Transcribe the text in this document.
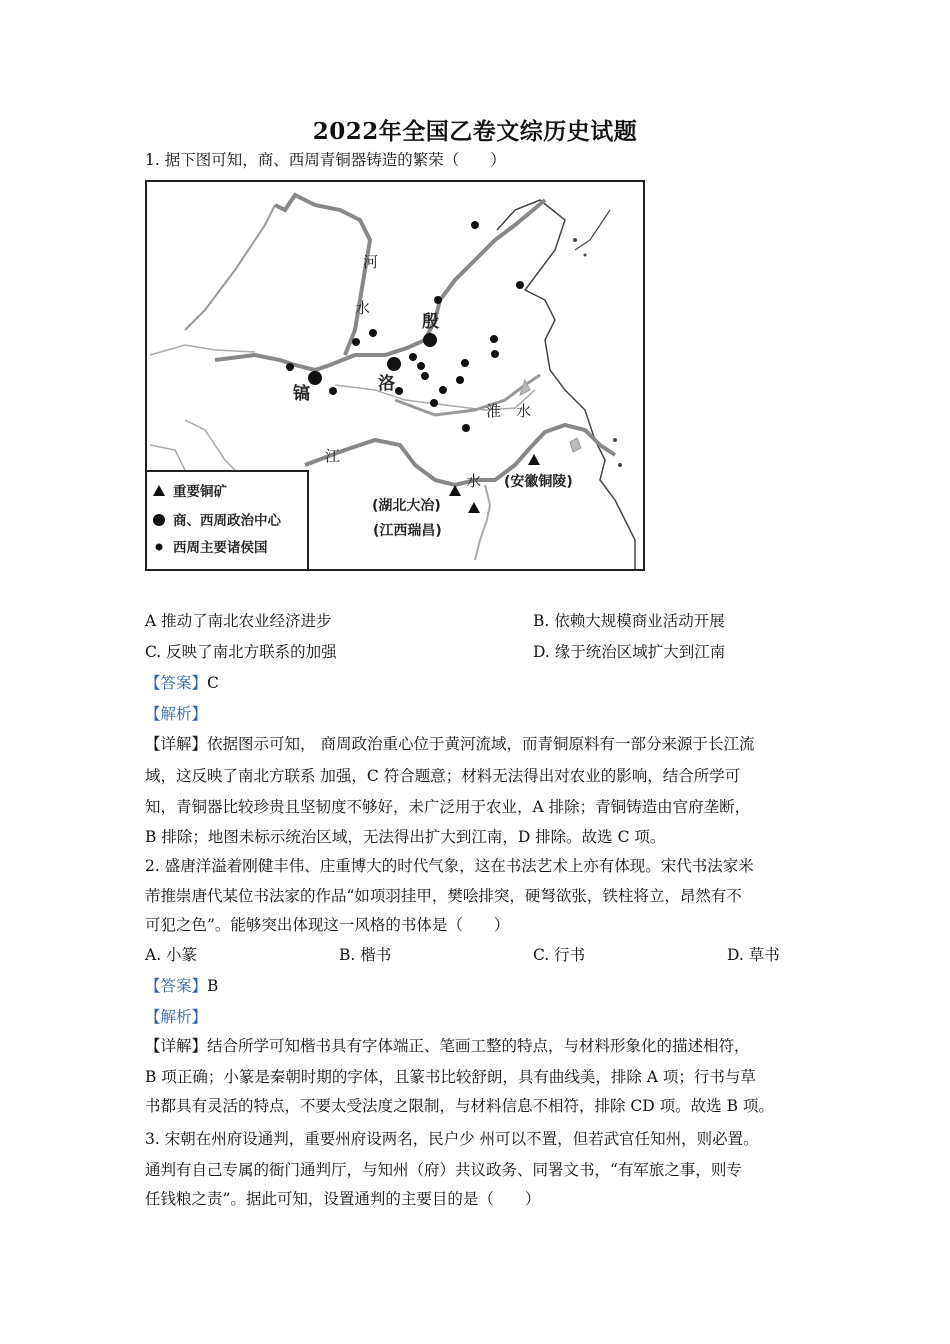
2022年全国乙卷文综历史试题
1. 据下图可知，商、西周青铜器铸造的繁荣（　　）
河
水
淮 水
江
水
殷
洛
镐
(安徽铜陵)
(湖北大冶)
(江西瑞昌)
重要铜矿
商、西周政治中心
西周主要诸侯国
A 推动了南北农业经济进步	B. 依赖大规模商业活动开展
C. 反映了南北方联系的加强	D. 缘于统治区域扩大到江南
【答案】C
【解析】
【详解】依据图示可知， 商周政治重心位于黄河流域，而青铜原料有一部分来源于长江流
域，这反映了南北方联系 加强，C 符合题意；材料无法得出对农业的影响，结合所学可
知，青铜器比较珍贵且坚韧度不够好，未广泛用于农业，A 排除；青铜铸造由官府垄断，
B 排除；地图未标示统治区域，无法得出扩大到江南，D 排除。故选 C 项。
2. 盛唐洋溢着刚健丰伟、庄重博大的时代气象，这在书法艺术上亦有体现。宋代书法家米
芾推崇唐代某位书法家的作品“如项羽挂甲，樊哙排突，硬弩欲张，铁柱将立，昂然有不
可犯之色”。能够突出体现这一风格的书体是（　　）
A. 小篆	B. 楷书	C. 行书	D. 草书
【答案】B
【解析】
【详解】结合所学可知楷书具有字体端正、笔画工整的特点，与材料形象化的描述相符，
B 项正确；小篆是秦朝时期的字体，且篆书比较舒朗，具有曲线美，排除 A 项；行书与草
书都具有灵活的特点，不要太受法度之限制，与材料信息不相符，排除 CD 项。故选 B 项。
3. 宋朝在州府设通判，重要州府设两名，民户少 州可以不置，但若武官任知州，则必置。
通判有自己专属的衙门通判厅，与知州（府）共议政务、同署文书，“有军旅之事，则专
任钱粮之责”。据此可知，设置通判的主要目的是（　　）
